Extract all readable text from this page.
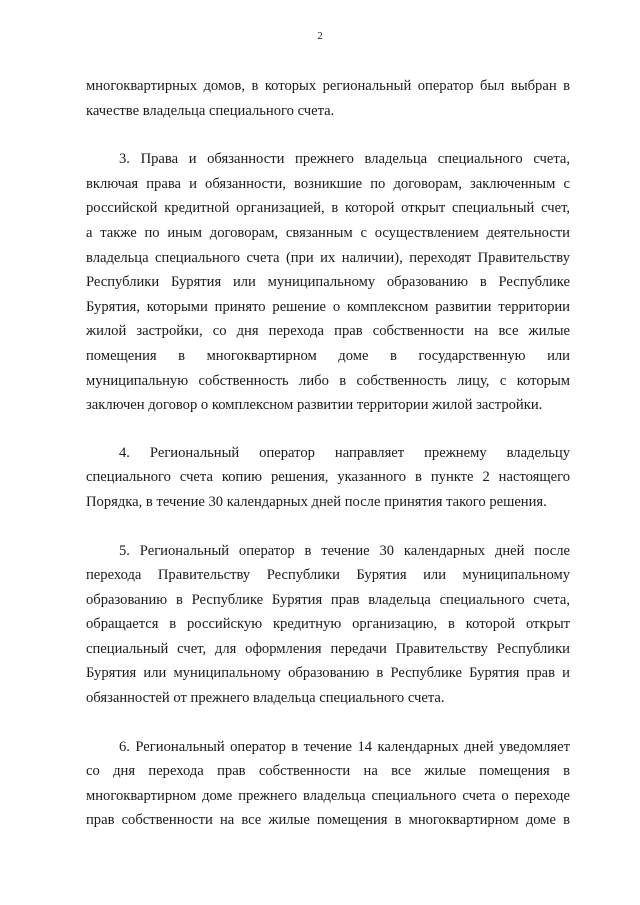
2
многоквартирных домов, в которых региональный оператор был выбран в
качестве владельца специального счета.
3. Права и обязанности прежнего владельца специального счета,
включая права и обязанности, возникшие по договорам, заключенным с
российской кредитной организацией, в которой открыт специальный счет,
а также по иным договорам, связанным с осуществлением деятельности
владельца специального счета (при их наличии), переходят Правительству
Республики Бурятия или муниципальному образованию в Республике
Бурятия, которыми принято решение о комплексном развитии территории
жилой застройки, со дня перехода прав собственности на все жилые
помещения в многоквартирном доме в государственную или
муниципальную собственность либо в собственность лицу, с которым
заключен договор о комплексном развитии территории жилой застройки.
4. Региональный оператор направляет прежнему владельцу
специального счета копию решения, указанного в пункте 2 настоящего
Порядка, в течение 30 календарных дней после принятия такого решения.
5. Региональный оператор в течение 30 календарных дней после
перехода Правительству Республики Бурятия или муниципальному
образованию в Республике Бурятия прав владельца специального счета,
обращается в российскую кредитную организацию, в которой открыт
специальный счет, для оформления передачи Правительству Республики
Бурятия или муниципальному образованию в Республике Бурятия прав и
обязанностей от прежнего владельца специального счета.
6. Региональный оператор в течение 14 календарных дней уведомляет
со дня перехода прав собственности на все жилые помещения в
многоквартирном доме прежнего владельца специального счета о переходе
прав собственности на все жилые помещения в многоквартирном доме в
